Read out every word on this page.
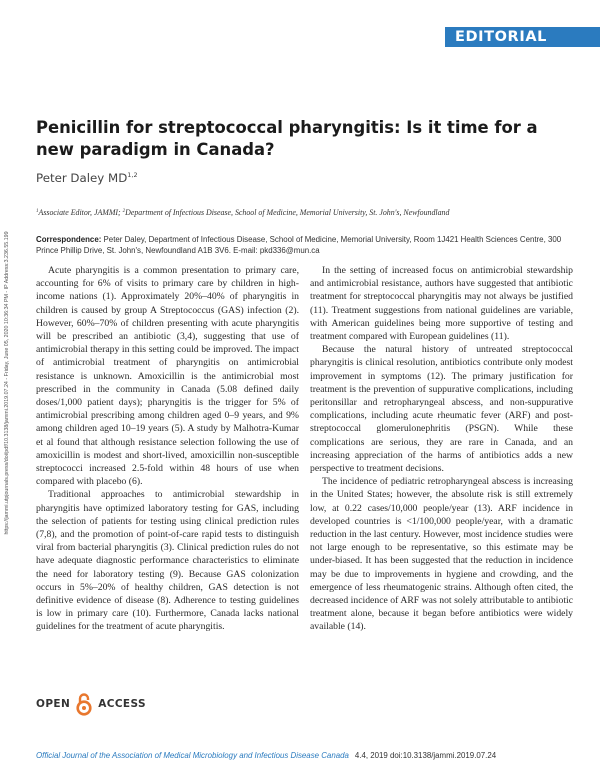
https://jammi.utpjournals.press/doi/pdf/10.3138/jammi.2019.07.24 - Friday, June 05, 2020 10:36:34 PM - IP Address:3.236.55.199
EDITORIAL
Penicillin for streptococcal pharyngitis: Is it time for a new paradigm in Canada?
Peter Daley MD$^{1,2}$
$^1$Associate Editor, JAMMI; $^2$Department of Infectious Disease, School of Medicine, Memorial University, St. John's, Newfoundland
Correspondence: Peter Daley, Department of Infectious Disease, School of Medicine, Memorial University, Room 1J421 Health Sciences Centre, 300 Prince Phillip Drive, St. John's, Newfoundland A1B 3V6. E-mail: pkd336@mun.ca

Acute pharyngitis is a common presentation to primary care, accounting for 6% of visits to primary care by children in high-income nations (1). Approximately 20%–40% of pharyngitis in children is caused by group A Streptococcus (GAS) infection (2). However, 60%–70% of children presenting with acute pharyngitis will be prescribed an antibiotic (3,4), suggesting that use of antimicrobial therapy in this setting could be improved. The impact of antimicrobial treatment of pharyngitis on antimicrobial resistance is unknown. Amoxicillin is the antimicrobial most prescribed in the community in Canada (5.08 defined daily doses/1,000 patient days); pharyngitis is the trigger for 5% of antimicrobial prescribing among children aged 0–9 years, and 9% among children aged 10–19 years (5). A study by Malhotra-Kumar et al found that although resistance selection following the use of amoxicillin is modest and short-lived, amoxicillin non-susceptible streptococci increased 2.5-fold within 48 hours of use when compared with placebo (6).

Traditional approaches to antimicrobial stewardship in pharyngitis have optimized laboratory testing for GAS, including the selection of patients for testing using clinical prediction rules (7,8), and the promotion of point-of-care rapid tests to distinguish viral from bacterial pharyngitis (3). Clinical prediction rules do not have adequate diagnostic performance characteristics to eliminate the need for laboratory testing (9). Because GAS colonization occurs in 5%–20% of healthy children, GAS detection is not definitive evidence of disease (8). Adherence to testing guidelines is low in primary care (10). Furthermore, Canada lacks national guidelines for the treatment of acute pharyngitis.

In the setting of increased focus on antimicrobial stewardship and antimicrobial resistance, authors have suggested that antibiotic treatment for streptococcal pharyngitis may not always be justified (11). Treatment suggestions from national guidelines are variable, with American guidelines being more supportive of testing and treatment compared with European guidelines (11).

Because the natural history of untreated streptococcal pharyngitis is clinical resolution, antibiotics contribute only modest improvement in symptoms (12). The primary justification for treatment is the prevention of suppurative complications, including peritonsillar and retropharyngeal abscess, and non-suppurative complications, including acute rheumatic fever (ARF) and post-streptococcal glomerulonephritis (PSGN). While these complications are serious, they are rare in Canada, and an increasing appreciation of the harms of antibiotics adds a new perspective to treatment decisions.

The incidence of pediatric retropharyngeal abscess is increasing in the United States; however, the absolute risk is still extremely low, at 0.22 cases/10,000 people/year (13). ARF incidence in developed countries is <1/100,000 people/year, with a dramatic reduction in the last century. However, most incidence studies were not large enough to be representative, so this estimate may be under-biased. It has been suggested that the reduction in incidence may be due to improvements in hygiene and crowding, and the emergence of less rheumatogenic strains. Although often cited, the decreased incidence of ARF was not solely attributable to antibiotic treatment alone, because it began before antibiotics were widely available (14).

OPEN	ACCESS
Official Journal of the Association of Medical Microbiology and Infectious Disease Canada 4.4, 2019 doi:10.3138/jammi.2019.07.24
